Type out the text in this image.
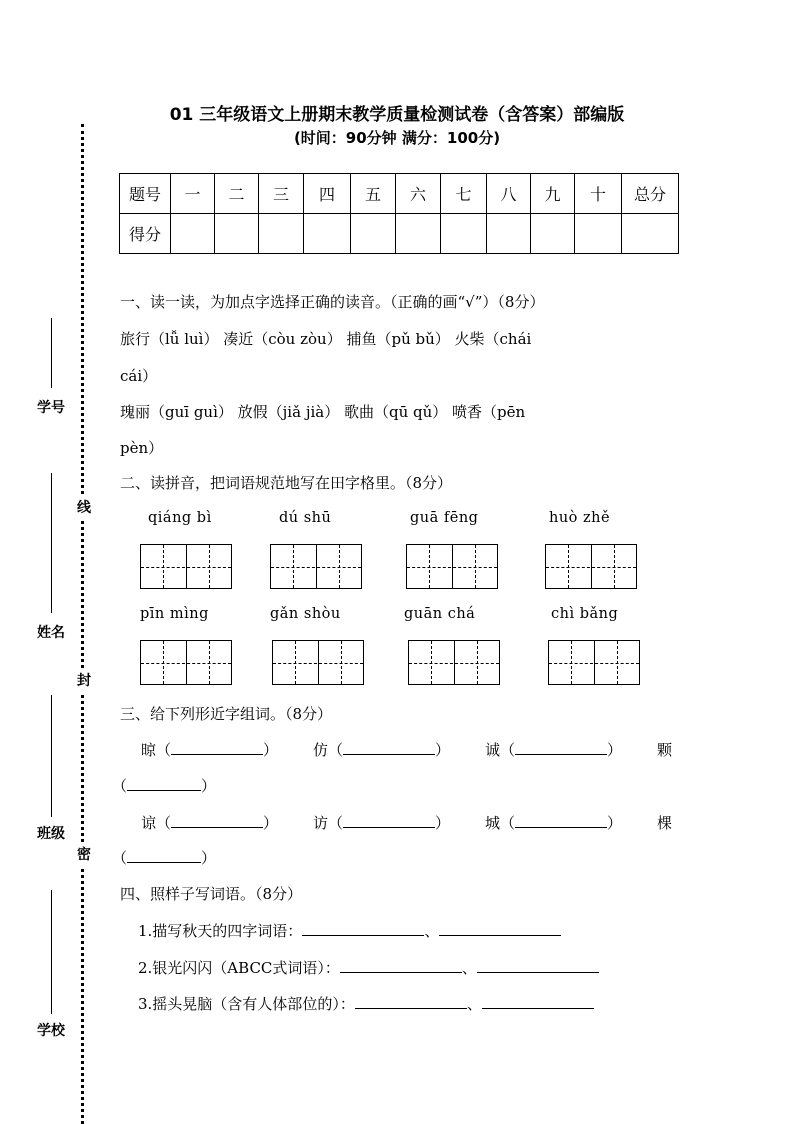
学号
姓名
班级
学校
线
封
密
01 三年级语文上册期末教学质量检测试卷（含答案）部编版
(时间：90分钟 满分：100分)
题号	一	二	三	四	五	六	七	八	九	十	总分
得分											
一、读一读，为加点字选择正确的读音。（正确的画“√”）（8分）
旅行（lǚ luì） 凑近（còu zòu） 捕鱼（pǔ bǔ） 火柴（chái
cái）
瑰丽（guī guì） 放假（jiǎ jià） 歌曲（qū qǔ） 喷香（pēn
pèn）
二、读拼音，把词语规范地写在田字格里。（8分）
qiáng bì	dú shū	guā fēng	huò zhě
pīn mìng	gǎn shòu	guān chá	chì bǎng
三、给下列形近字组词。（8分）
晾（	） 仿（	） 诚（	） 颗
（	）
谅（	） 访（	） 城（	） 棵
（	）
四、照样子写词语。（8分）
1.描写秋天的四字词语：	、
2.银光闪闪（ABCC式词语）：	、
3.摇头晃脑（含有人体部位的）：	、
